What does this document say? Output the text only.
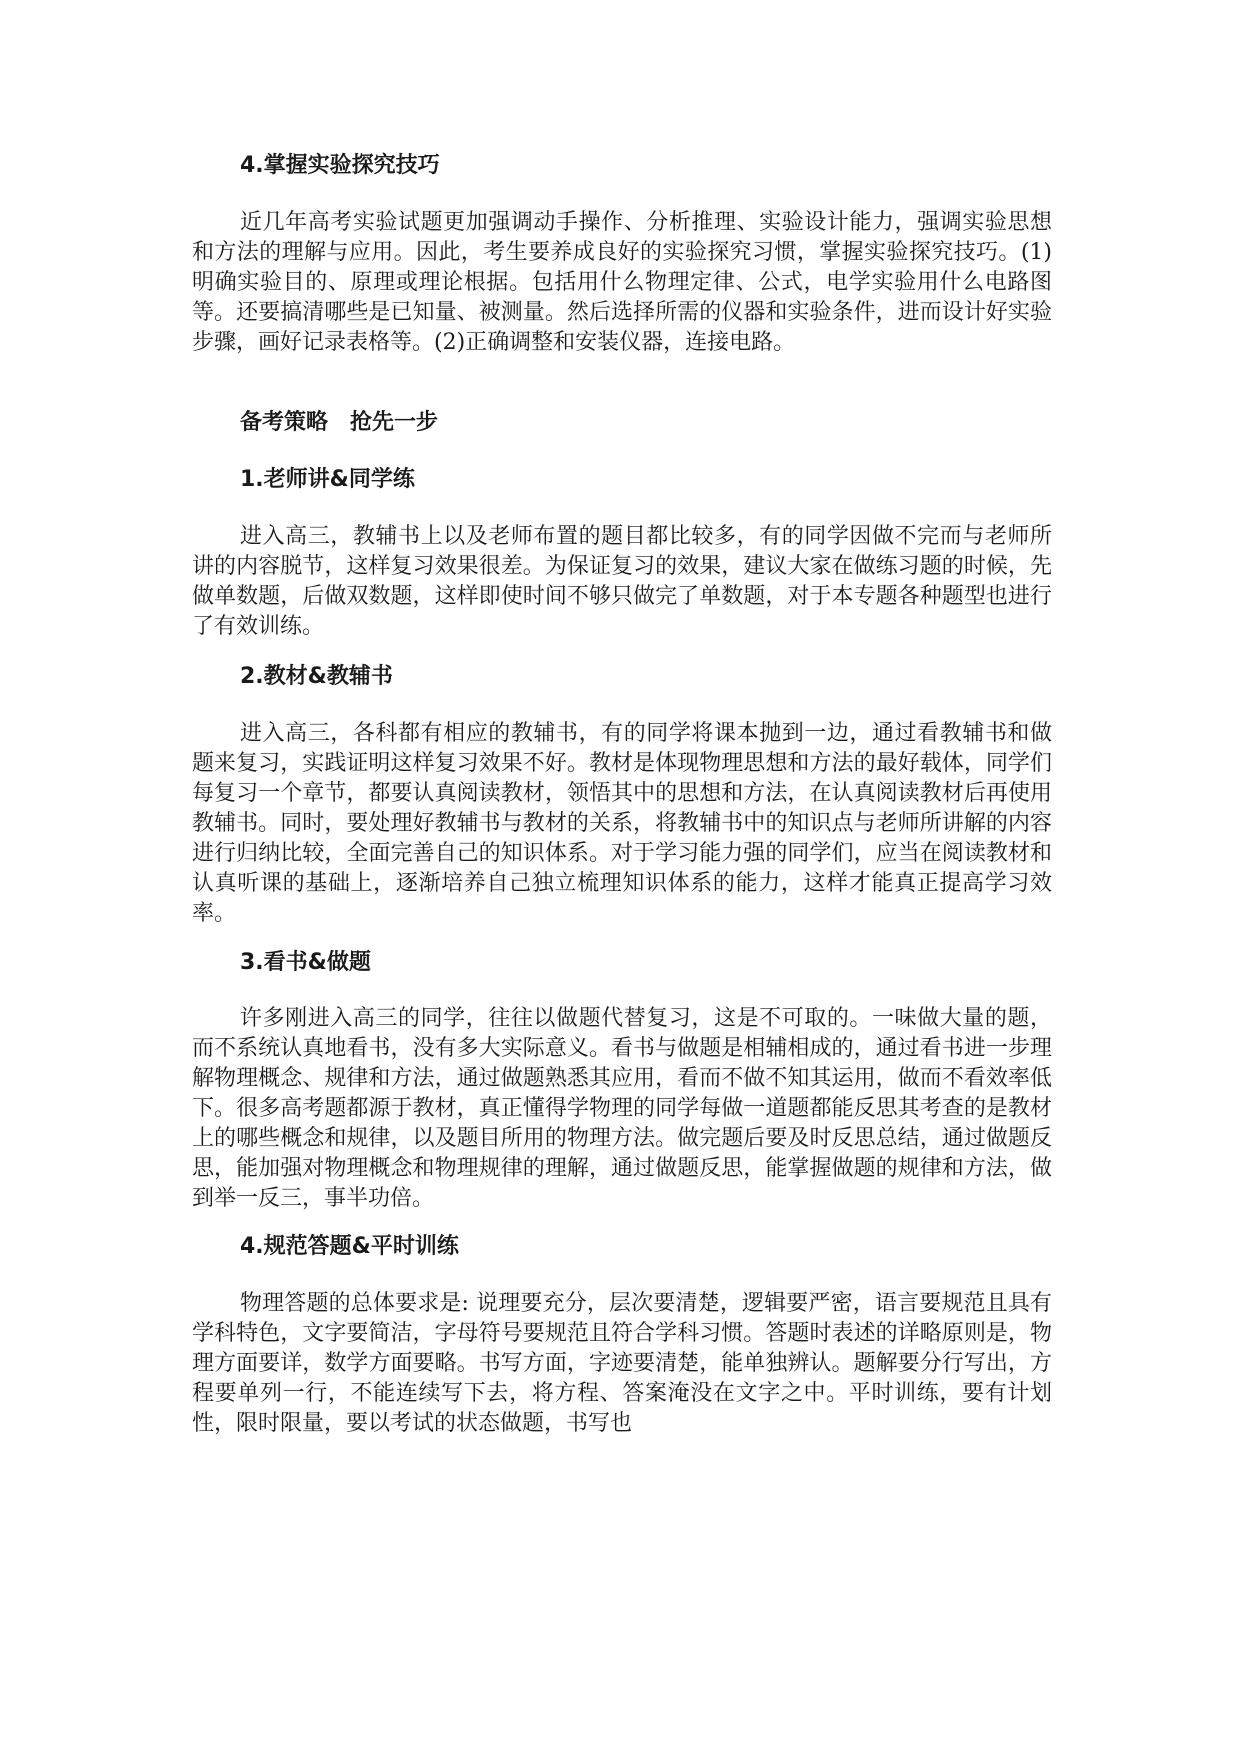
4.掌握实验探究技巧
近几年高考实验试题更加强调动手操作、分析推理、实验设计能力，强调实验思想和方法的理解与应用。因此，考生要养成良好的实验探究习惯，掌握实验探究技巧。(1)明确实验目的、原理或理论根据。包括用什么物理定律、公式，电学实验用什么电路图等。还要搞清哪些是已知量、被测量。然后选择所需的仪器和实验条件，进而设计好实验步骤，画好记录表格等。(2)正确调整和安装仪器，连接电路。
备考策略　抢先一步
1.老师讲&同学练
进入高三，教辅书上以及老师布置的题目都比较多，有的同学因做不完而与老师所讲的内容脱节，这样复习效果很差。为保证复习的效果，建议大家在做练习题的时候，先做单数题，后做双数题，这样即使时间不够只做完了单数题，对于本专题各种题型也进行了有效训练。
2.教材&教辅书
进入高三，各科都有相应的教辅书，有的同学将课本抛到一边，通过看教辅书和做题来复习，实践证明这样复习效果不好。教材是体现物理思想和方法的最好载体，同学们每复习一个章节，都要认真阅读教材，领悟其中的思想和方法，在认真阅读教材后再使用教辅书。同时，要处理好教辅书与教材的关系，将教辅书中的知识点与老师所讲解的内容进行归纳比较，全面完善自己的知识体系。对于学习能力强的同学们，应当在阅读教材和认真听课的基础上，逐渐培养自己独立梳理知识体系的能力，这样才能真正提高学习效率。
3.看书&做题
许多刚进入高三的同学，往往以做题代替复习，这是不可取的。一味做大量的题，而不系统认真地看书，没有多大实际意义。看书与做题是相辅相成的，通过看书进一步理解物理概念、规律和方法，通过做题熟悉其应用，看而不做不知其运用，做而不看效率低下。很多高考题都源于教材，真正懂得学物理的同学每做一道题都能反思其考查的是教材上的哪些概念和规律，以及题目所用的物理方法。做完题后要及时反思总结，通过做题反思，能加强对物理概念和物理规律的理解，通过做题反思，能掌握做题的规律和方法，做到举一反三，事半功倍。
4.规范答题&平时训练
物理答题的总体要求是: 说理要充分，层次要清楚，逻辑要严密，语言要规范且具有学科特色，文字要简洁，字母符号要规范且符合学科习惯。答题时表述的详略原则是，物理方面要详，数学方面要略。书写方面，字迹要清楚，能单独辨认。题解要分行写出，方程要单列一行，不能连续写下去，将方程、答案淹没在文字之中。平时训练，要有计划性，限时限量，要以考试的状态做题，书写也
